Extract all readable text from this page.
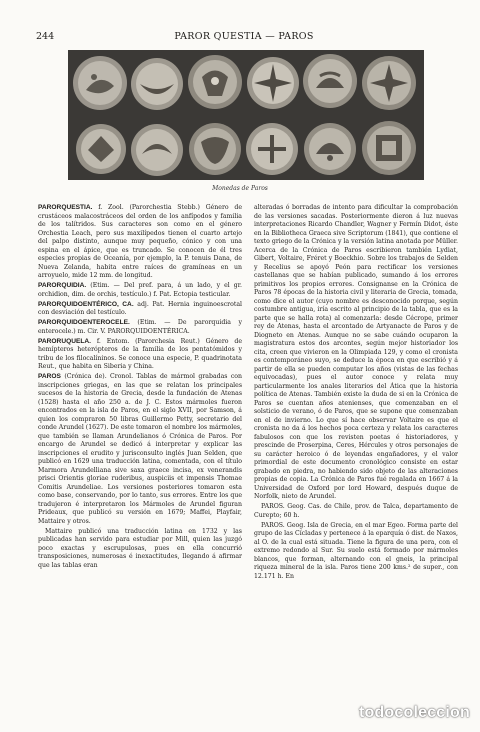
244	PAROR QUESTIA — PAROS
Monedas de Paros

PARORQUESTIA. f. Zool. (Parorchestia Stebb.) Género de crustáceos malacostráceos del orden de los anfípodos y familia de los talítridos. Sus caracteres son como en el género Orchestia Leach, pero sus maxilípedos tienen el cuarto artejo del palpo distinto, aunque muy pequeño, cónico y con una espina en el ápice, que es truncado. Se conocen de él tres especies propias de Oceanía, por ejemplo, la P. tenuis Dana, de Nueva Zelanda, habita entre raíces de gramíneas en un arroyuelo, mide 12 mm. de longitud.

PARORQUIDIA. (Etim. — Del pref. para, á un lado, y el gr. orchidion, dim. de orchis, testículo.) f. Pat. Ectopia testicular.

PARORQUIDOENTÉRICO, CA. adj. Pat. Hernia inguinoescrotal con desviación del testículo.

PARORQUIDOENTEROCELE. (Etim. — De parorquidia y enterocele.) m. Cir. V. PARORQUIDOENTÉRICA.

PARORUQUELA. f. Entom. (Parorchesia Reut.) Género de hemípteros heterópteros de la familia de los pentatómidos y tribu de los filocalíninos. Se conoce una especie, P. quadrinotata Reut., que habita en Siberia y China.

PAROS (Crónica de). Cronol. Tablas de mármol grabadas con inscripciones griegas, en las que se relatan los principales sucesos de la historia de Grecia, desde la fundación de Atenas (1528) hasta el año 250 a. de J. C. Estos mármoles fueron encontrados en la isla de Paros, en el siglo XVII, por Samson, á quien los compraron 50 libras Guillermo Petty, secretario del conde Arundel (1627). De este tomaron el nombre los mármoles, que también se llaman Arundelianos ó Crónica de Paros. Por encargo de Arundel se dedicó á interpretar y explicar las inscripciones el erudito y jurisconsulto inglés Juan Selden, que publicó en 1629 una traducción latina, comentada, con el título Marmora Arundelliana sive saxa graece incisa, ex venerandis prisci Orientis gloriae ruderibus, auspiciis et impensis Thomae Comitis Arundeliae. Los versiones posteriores tomaron esta como base, conservando, por lo tanto, sus errores. Entre los que tradujeron é interpretaron los Mármoles de Arundel figuran Prideaux, que publicó su versión en 1679; Maffei, Playfair, Mattaire y otros.

Mattaire publicó una traducción latina en 1732 y las publicadas han servido para estudiar por Mill, quien las juzgó poco exactas y escrupulosas, pues en ella concurrió transposiciones, numerosas é inexactitudes, llegando á afirmar que las tablas eran

alteradas ó borradas de intento para dificultar la comprobación de las versiones sacadas. Posteriormente dieron á luz nuevas interpretaciones Ricardo Chandler, Wagner y Fermín Didot, éste en la Bibliotheca Graeca sive Scriptorum (1841), que contiene el texto griego de la Crónica y la versión latina anotada por Müller. Acerca de la Crónica de Paros escribieron también Lydiat, Gibert, Voltaire, Fréret y Boeckhio. Sobre los trabajos de Selden y Recelius se apoyó Peón para rectificar los versiones castellanas que se habían publicado, sumando á los errores primitivos los propios errores. Consignanse en la Crónica de Paros 78 épocas de la historia civil y literaria de Grecia, tomada, como dice el autor (cuyo nombre es desconocido porque, según costumbre antigua, iría escrito al principio de la tabla, que es la parte que se halla rota) al comenzarla: desde Cécrope, primer rey de Atenas, hasta el arcontado de Artyanacte de Paros y de Diogneto en Atenas. Aunque no se sabe cuándo ocuparon la magistratura estos dos arcontes, según mejor historiador los cita, creen que vivieron en la Olimpiada 129, y como el cronista es contemporáneo suyo, se deduce la época en que escribió y á partir de ella se pueden computar los años (vistas de las fechas equivocadas), pues el autor conoce y relata muy particularmente los anales literarios del Ática que la historia política de Atenas. También existe la duda de si en la Crónica de Paros se cuentan años atenienses, que comenzaban en el solsticio de verano, ó de Paros, que se supone que comenzaban en el de invierno. Lo que sí hace observar Voltaire es que el cronista no da á los hechos poca certeza y relata los caracteres fabulosos con que los revisten poetas é historiadores, y prescinde de Proserpina, Ceres, Hércules y otros personajes de su carácter heroico ó de leyendas engañadores, y el valor primordial de este documento cronológico consiste en estar grabado en piedra, no habiendo sido objeto de las alteraciones propias de copia. La Crónica de Paros fué regalada en 1667 á la Universidad de Oxford por lord Howard, después duque de Norfolk, nieto de Arundel.

PAROS. Geog. Cas. de Chile, prov. de Talca, departamento de Curepto; 60 h.

PAROS. Geog. Isla de Grecia, en el mar Egeo. Forma parte del grupo de las Cícladas y pertenece á la eparquía ó dist. de Naxos, al O. de la cual está situada. Tiene la figura de una pera, con el extremo redondo al Sur. Su suelo está formado por mármoles blancos, que forman, alternando con el gneis, la principal riqueza mineral de la isla. Paros tiene 200 kms.² de super., con 12.171 h. En

todocoleccion
